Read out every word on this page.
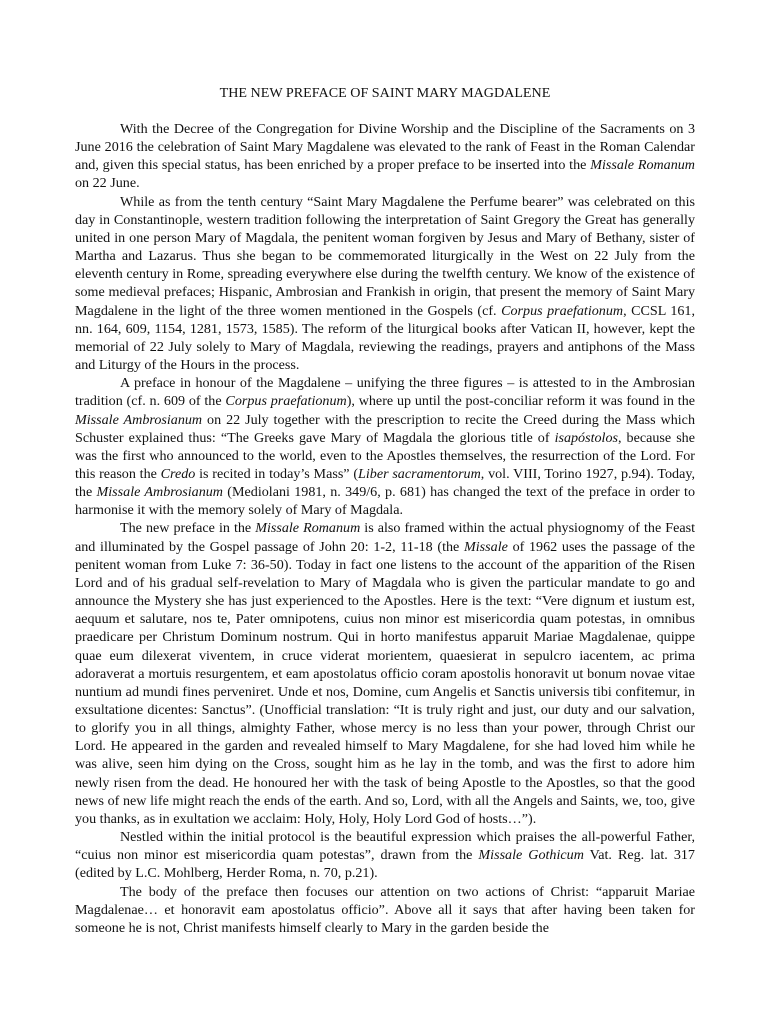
THE NEW PREFACE OF SAINT MARY MAGDALENE

With the Decree of the Congregation for Divine Worship and the Discipline of the Sacraments on 3 June 2016 the celebration of Saint Mary Magdalene was elevated to the rank of Feast in the Roman Calendar and, given this special status, has been enriched by a proper preface to be inserted into the Missale Romanum on 22 June.

While as from the tenth century “Saint Mary Magdalene the Perfume bearer” was celebrated on this day in Constantinople, western tradition following the interpretation of Saint Gregory the Great has generally united in one person Mary of Magdala, the penitent woman forgiven by Jesus and Mary of Bethany, sister of Martha and Lazarus. Thus she began to be commemorated liturgically in the West on 22 July from the eleventh century in Rome, spreading everywhere else during the twelfth century. We know of the existence of some medieval prefaces; Hispanic, Ambrosian and Frankish in origin, that present the memory of Saint Mary Magdalene in the light of the three women mentioned in the Gospels (cf. Corpus praefationum, CCSL 161, nn. 164, 609, 1154, 1281, 1573, 1585). The reform of the liturgical books after Vatican II, however, kept the memorial of 22 July solely to Mary of Magdala, reviewing the readings, prayers and antiphons of the Mass and Liturgy of the Hours in the process.

A preface in honour of the Magdalene – unifying the three figures – is attested to in the Ambrosian tradition (cf. n. 609 of the Corpus praefationum), where up until the post-conciliar reform it was found in the Missale Ambrosianum on 22 July together with the prescription to recite the Creed during the Mass which Schuster explained thus: “The Greeks gave Mary of Magdala the glorious title of isapóstolos, because she was the first who announced to the world, even to the Apostles themselves, the resurrection of the Lord. For this reason the Credo is recited in today’s Mass” (Liber sacramentorum, vol. VIII, Torino 1927, p.94). Today, the Missale Ambrosianum (Mediolani 1981, n. 349/6, p. 681) has changed the text of the preface in order to harmonise it with the memory solely of Mary of Magdala.

The new preface in the Missale Romanum is also framed within the actual physiognomy of the Feast and illuminated by the Gospel passage of John 20: 1-2, 11-18 (the Missale of 1962 uses the passage of the penitent woman from Luke 7: 36-50). Today in fact one listens to the account of the apparition of the Risen Lord and of his gradual self-revelation to Mary of Magdala who is given the particular mandate to go and announce the Mystery she has just experienced to the Apostles. Here is the text: “Vere dignum et iustum est, aequum et salutare, nos te, Pater omnipotens, cuius non minor est misericordia quam potestas, in omnibus praedicare per Christum Dominum nostrum. Qui in horto manifestus apparuit Mariae Magdalenae, quippe quae eum dilexerat viventem, in cruce viderat morientem, quaesierat in sepulcro iacentem, ac prima adoraverat a mortuis resurgentem, et eam apostolatus officio coram apostolis honoravit ut bonum novae vitae nuntium ad mundi fines perveniret. Unde et nos, Domine, cum Angelis et Sanctis universis tibi confitemur, in exsultatione dicentes: Sanctus”. (Unofficial translation: “It is truly right and just, our duty and our salvation, to glorify you in all things, almighty Father, whose mercy is no less than your power, through Christ our Lord. He appeared in the garden and revealed himself to Mary Magdalene, for she had loved him while he was alive, seen him dying on the Cross, sought him as he lay in the tomb, and was the first to adore him newly risen from the dead. He honoured her with the task of being Apostle to the Apostles, so that the good news of new life might reach the ends of the earth. And so, Lord, with all the Angels and Saints, we, too, give you thanks, as in exultation we acclaim: Holy, Holy, Holy Lord God of hosts…”).

Nestled within the initial protocol is the beautiful expression which praises the all-powerful Father, “cuius non minor est misericordia quam potestas”, drawn from the Missale Gothicum Vat. Reg. lat. 317 (edited by L.C. Mohlberg, Herder Roma, n. 70, p.21).

The body of the preface then focuses our attention on two actions of Christ: “apparuit Mariae Magdalenae… et honoravit eam apostolatus officio”. Above all it says that after having been taken for someone he is not, Christ manifests himself clearly to Mary in the garden beside the
